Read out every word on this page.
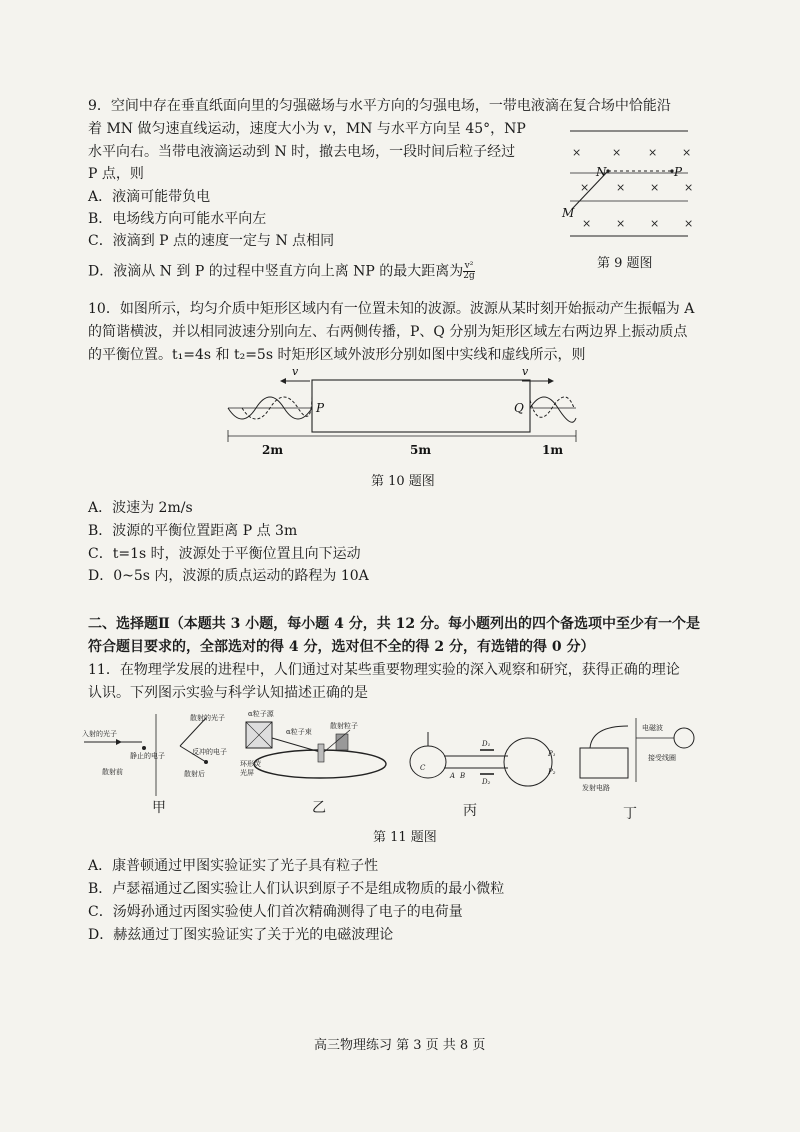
9．空间中存在垂直纸面向里的匀强磁场与水平方向的匀强电场，一带电液滴在复合场中恰能沿
着 MN 做匀速直线运动，速度大小为 v，MN 与水平方向呈 45°，NP
水平向右。当带电液滴运动到 N 时，撤去电场，一段时间后粒子经过
P 点，则
A．液滴可能带负电
B．电场线方向可能水平向左
C．液滴到 P 点的速度一定与 N 点相同
D．液滴从 N 到 P 的过程中竖直方向上离 NP 的最大距离为 $\frac{\text{v²}}{2g}$
×	× × ×
× × × ×
× × × ×
N	P
M
第 9 题图
10．如图所示，均匀介质中矩形区域内有一位置未知的波源。波源从某时刻开始振动产生振幅为 A
的简谐横波，并以相同波速分别向左、右两侧传播，P、Q 分别为矩形区域左右两边界上振动质点
的平衡位置。t₁=4s 和 t₂=5s 时矩形区域外波形分别如图中实线和虚线所示，则
v	v
P	Q
2m	5m	1m
第 10 题图
A．波速为 2m/s
B．波源的平衡位置距离 P 点 3m
C．t=1s 时，波源处于平衡位置且向下运动
D．0~5s 内，波源的质点运动的路程为 10A
二、选择题Ⅱ（本题共 3 小题，每小题 4 分，共 12 分。每小题列出的四个备选项中至少有一个是
符合题目要求的，全部选对的得 4 分，选对但不全的得 2 分，有选错的得 0 分）
11．在物理学发展的进程中，人们通过对某些重要物理实验的深入观察和研究，获得正确的理论
认识。下列图示实验与科学认知描述正确的是
入射的光子
散射的光子
静止的电子	反冲的电子
散射前	散射后
甲
α粒子源
α粒子束
散射粒子
环形荧
光屏
乙
C
A B
D₁
D₂
P₁
P₂
丙
电磁波
发射电路
接受线圈
丁
第 11 题图
A．康普顿通过甲图实验证实了光子具有粒子性
B．卢瑟福通过乙图实验让人们认识到原子不是组成物质的最小微粒
C．汤姆孙通过丙图实验使人们首次精确测得了电子的电荷量
D．赫兹通过丁图实验证实了关于光的电磁波理论
高三物理练习 第 3 页 共 8 页
